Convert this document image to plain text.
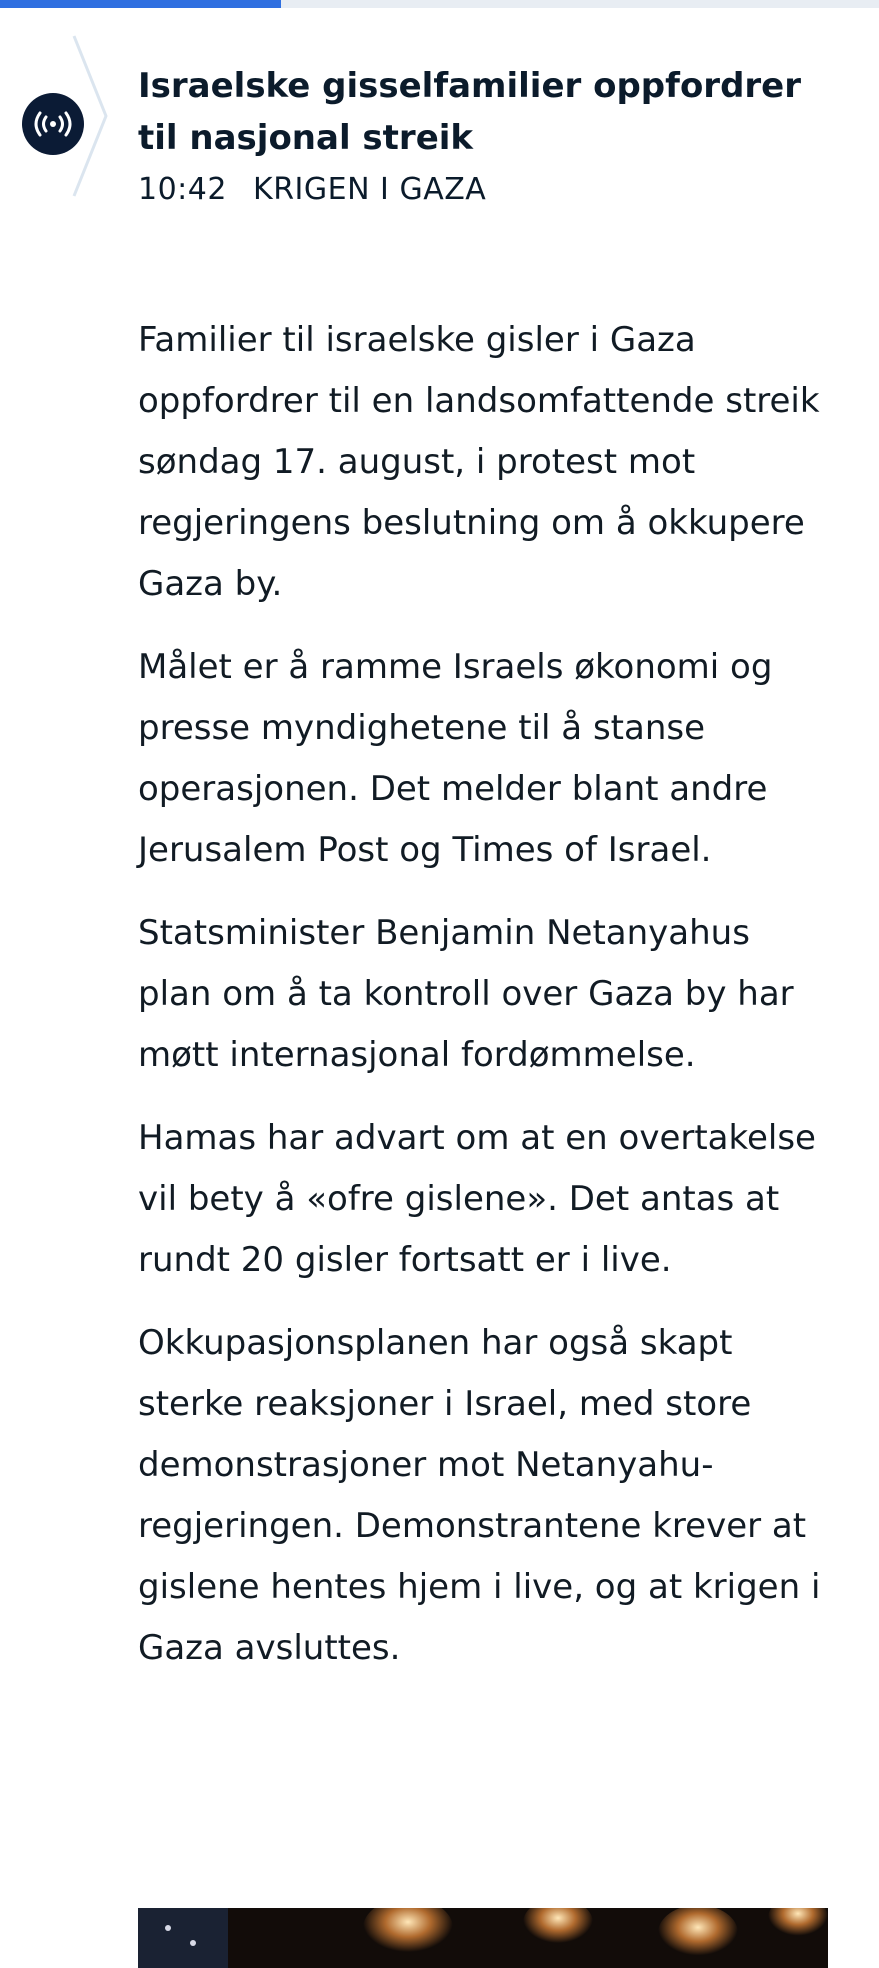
Israelske gisselfamilier oppfordrer til nasjonal streik
10:42 KRIGEN I GAZA

Familier til israelske gisler i Gaza oppfordrer til en landsomfattende streik søndag 17. august, i protest mot regjeringens beslutning om å okkupere Gaza by.

Målet er å ramme Israels økonomi og presse myndighetene til å stanse operasjonen. Det melder blant andre Jerusalem Post og Times of Israel.

Statsminister Benjamin Netanyahus plan om å ta kontroll over Gaza by har møtt internasjonal fordømmelse.

Hamas har advart om at en overtakelse vil bety å «ofre gislene». Det antas at rundt 20 gisler fortsatt er i live.

Okkupasjonsplanen har også skapt sterke reaksjoner i Israel, med store demonstrasjoner mot Netanyahu-regjeringen. Demonstrantene krever at gislene hentes hjem i live, og at krigen i Gaza avsluttes.
